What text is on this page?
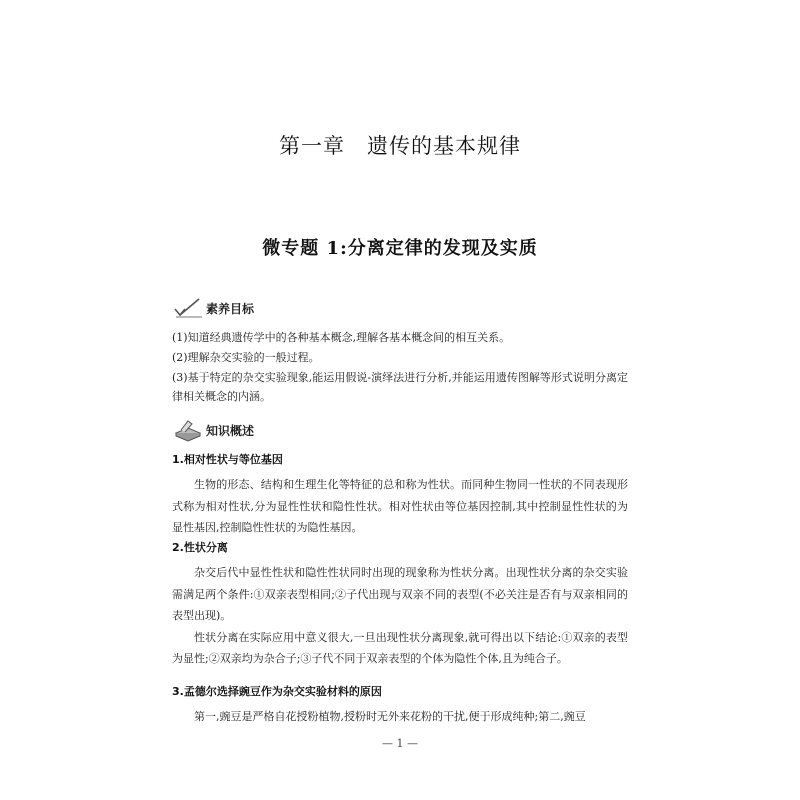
第一章　遗传的基本规律
微专题 1:分离定律的发现及实质
素养目标

(1)知道经典遗传学中的各种基本概念,理解各基本概念间的相互关系。

(2)理解杂交实验的一般过程。

(3)基于特定的杂交实验现象,能运用假说-演绎法进行分析,并能运用遗传图解等形式说明分离定律相关概念的内涵。

知识概述
1.相对性状与等位基因

生物的形态、结构和生理生化等特征的总和称为性状。而同种生物同一性状的不同表现形式称为相对性状,分为显性性状和隐性性状。相对性状由等位基因控制,其中控制显性性状的为显性基因,控制隐性性状的为隐性基因。

2.性状分离

杂交后代中显性性状和隐性性状同时出现的现象称为性状分离。出现性状分离的杂交实验需满足两个条件:①双亲表型相同;②子代出现与双亲不同的表型(不必关注是否有与双亲相同的表型出现)。

性状分离在实际应用中意义很大,一旦出现性状分离现象,就可得出以下结论:①双亲的表型为显性;②双亲均为杂合子;③子代不同于双亲表型的个体为隐性个体,且为纯合子。

3.孟德尔选择豌豆作为杂交实验材料的原因

第一,豌豆是严格自花授粉植物,授粉时无外来花粉的干扰,便于形成纯种;第二,豌豆

— 1 —
